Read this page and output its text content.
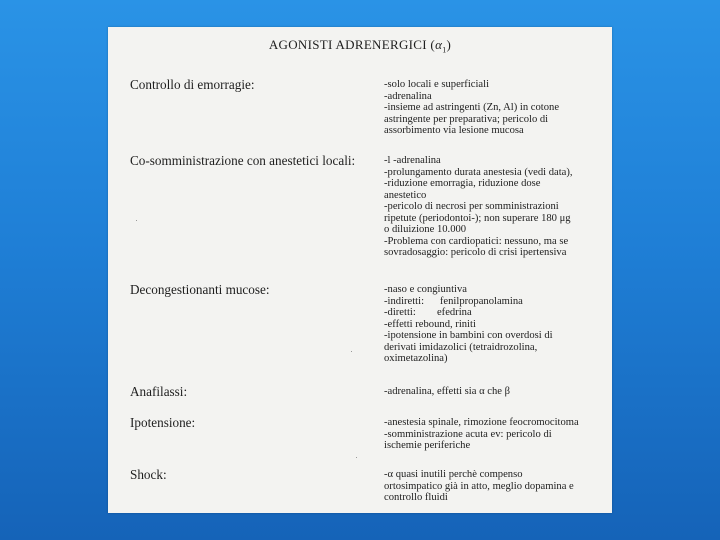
AGONISTI ADRENERGICI $(\alpha_1)$
Controllo di emorragie:	-solo locali e superficiali
-adrenalina
-insieme ad astringenti (Zn, Al) in cotone
astringente per preparativa; pericolo di
assorbimento via lesione mucosa
Co-somministrazione con anestetici locali:	-l -adrenalina
-prolungamento durata anestesia (vedi data),
-riduzione emorragia, riduzione dose
anestetico
-pericolo di necrosi per somministrazioni
ripetute (periodontoi-); non superare 180 μg
o diluizione 10.000
-Problema con cardiopatici: nessuno, ma se
sovradosaggio: pericolo di crisi ipertensiva
Decongestionanti mucose:	-naso e congiuntiva
-indiretti:      fenilpropanolamina
-diretti:        efedrina
-effetti rebound, riniti
-ipotensione in bambini con overdosi di
derivati imidazolici (tetraidrozolina,
oximetazolina)
Anafilassi:	-adrenalina, effetti sia α che β
Ipotensione:	-anestesia spinale, rimozione feocromocitoma
-somministrazione acuta ev: pericolo di
ischemie periferiche
Shock:	-α quasi inutili perchè compenso
ortosimpatico già in atto, meglio dopamina e
controllo fluidi
